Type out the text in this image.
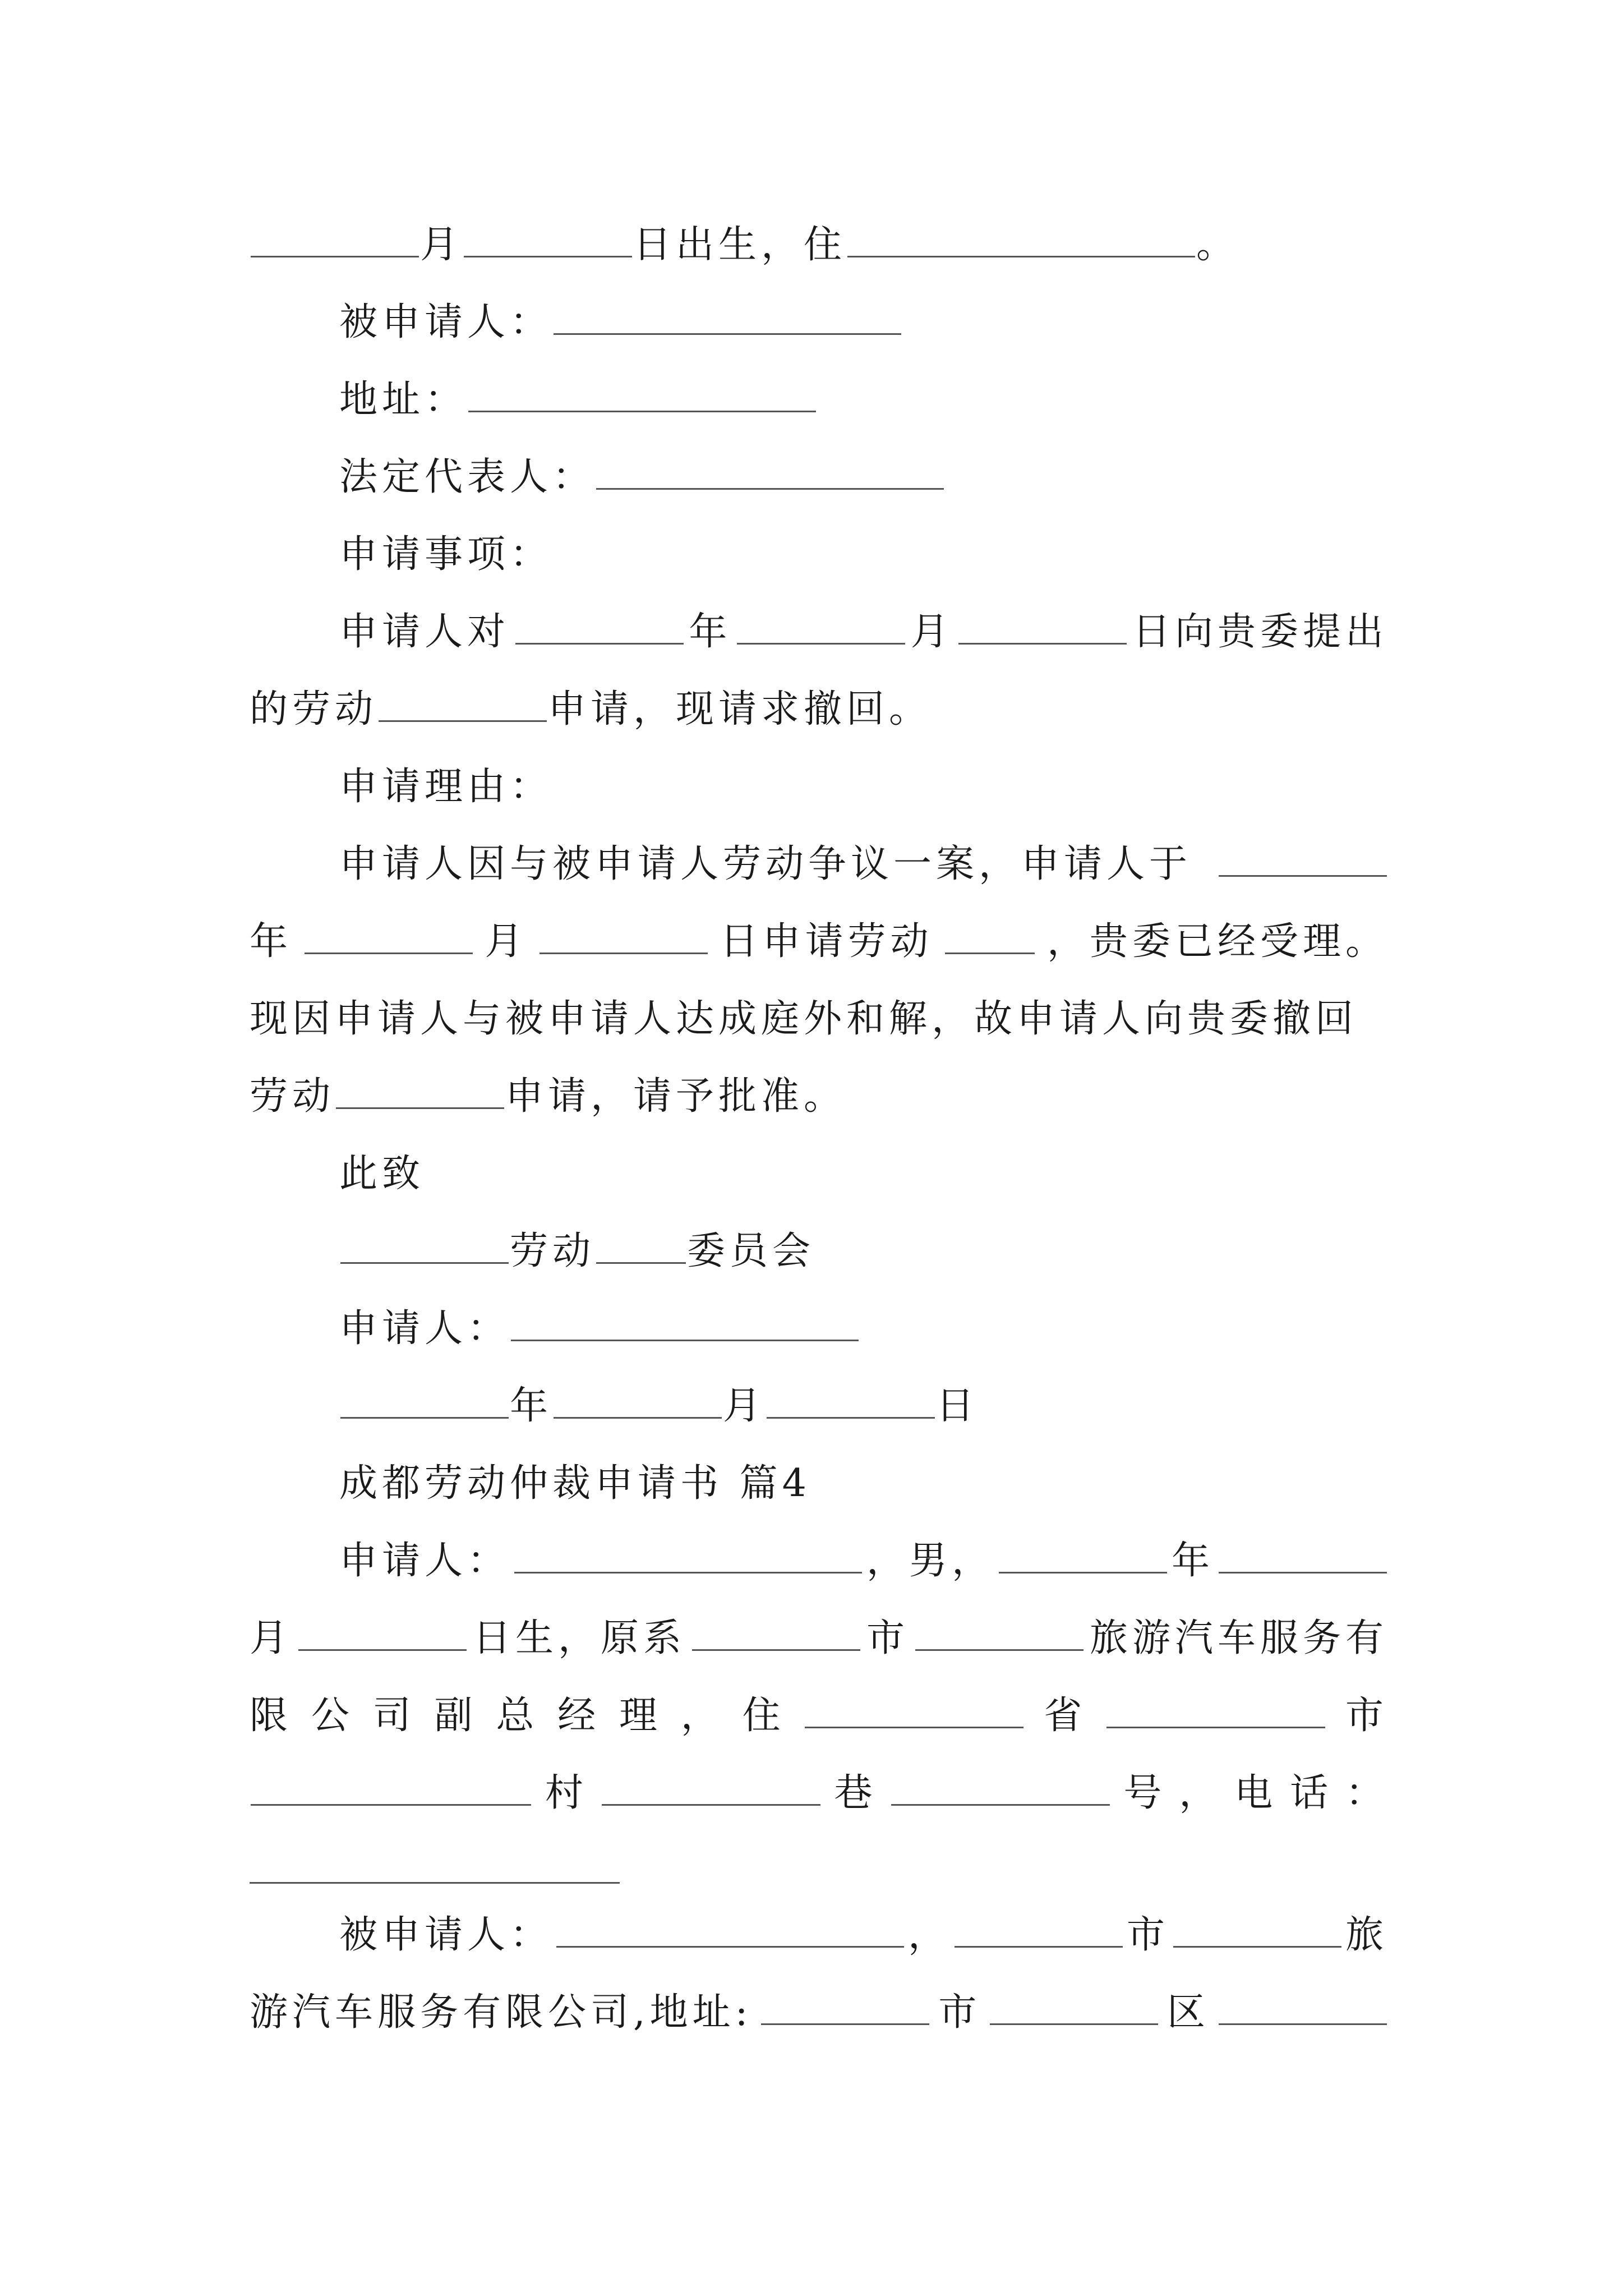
月	日出生，住	。
被申请人：
地址：
法定代表人：
申请事项：
申请人对	年	月	日向贵委提出
的劳动	申请，现请求撤回。
申请理由：
申请人因与被申请人劳动争议一案，申请人于
年	月	日申请劳动	，贵委已经受理。
现因申请人与被申请人达成庭外和解，故申请人向贵委撤回
劳动	申请，请予批准。
此致
劳动 委员会
申请人：
年	月	日
成都劳动仲裁申请书 篇4
申请人：	，男，	年
月	日生，原系	市	旅游汽车服务有
限 公 司 副 总 经 理 ， 住	省	市
村	巷	号 ， 电 话 ：
被申请人：	，	市	旅
游汽车服务有限公司,地址:	市	区
